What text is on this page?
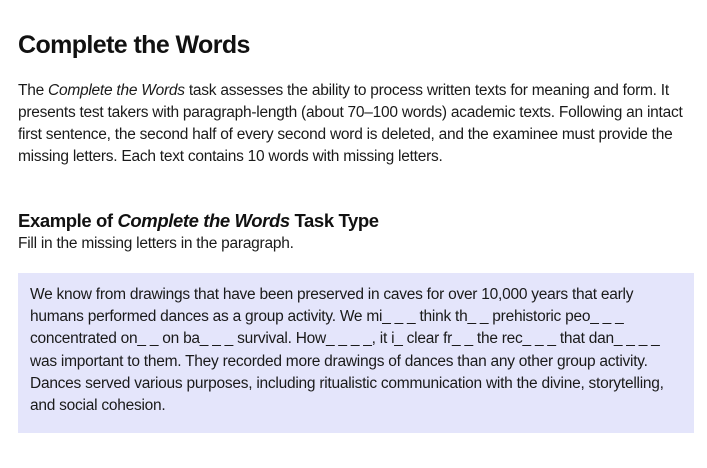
Complete the Words

The Complete the Words task assesses the ability to process written texts for meaning and form. It presents test takers with paragraph-length (about 70–100 words) academic texts. Following an intact first sentence, the second half of every second word is deleted, and the examinee must provide the missing letters. Each text contains 10 words with missing letters.

Example of Complete the Words Task Type

Fill in the missing letters in the paragraph.

We know from drawings that have been preserved in caves for over 10,000 years that early humans performed dances as a group activity. We mi_ _ _ think th_ _ prehistoric peo_ _ _ concentrated on_ _ on ba_ _ _ survival. How_ _ _ _, it i_ clear fr_ _ the rec_ _ _ that dan_ _ _ _ was important to them. They recorded more drawings of dances than any other group activity. Dances served various purposes, including ritualistic communication with the divine, storytelling, and social cohesion.
